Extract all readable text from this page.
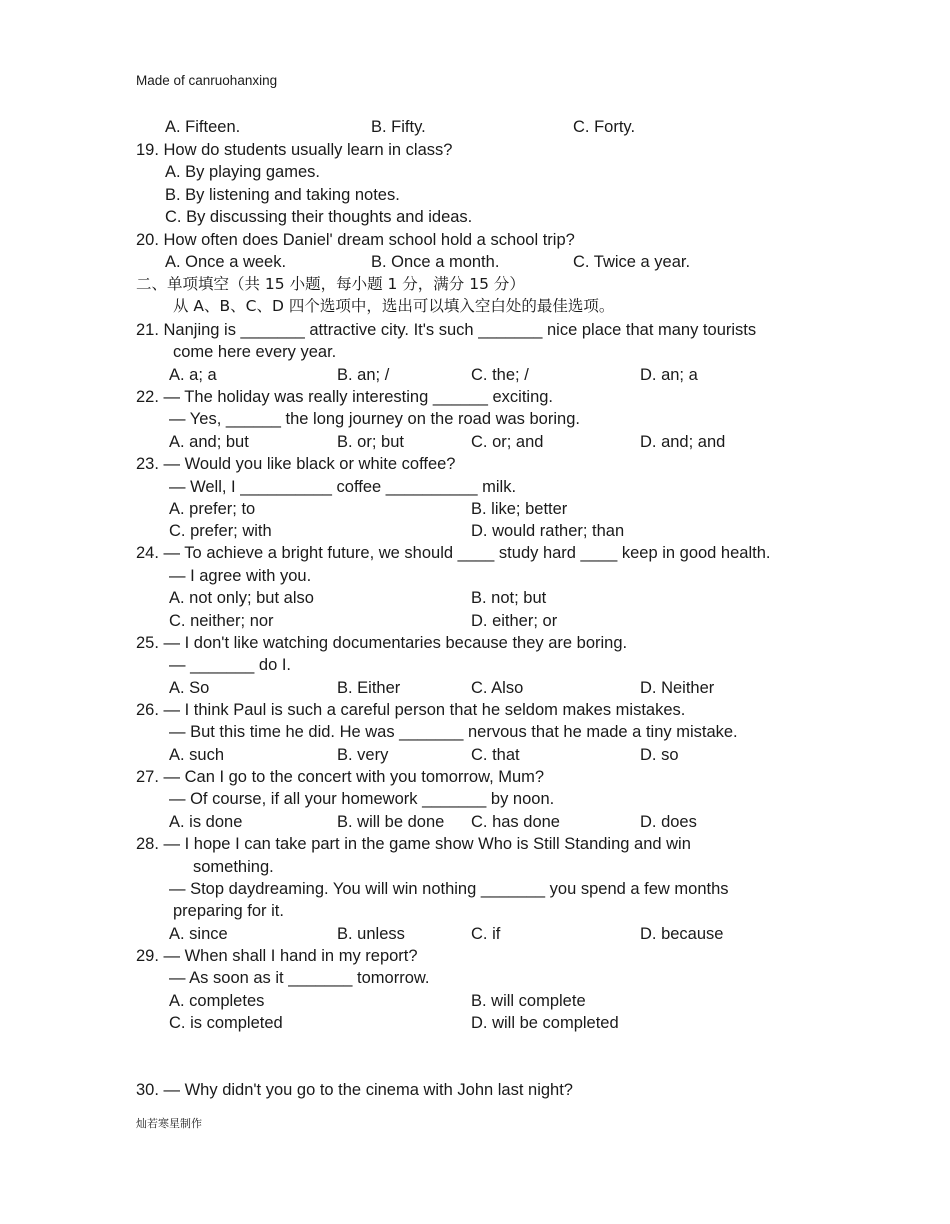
Made of canruohanxing
A. Fifteen.	B. Fifty.	C. Forty.
19. How do students usually learn in class?
A. By playing games.
B. By listening and taking notes.
C. By discussing their thoughts and ideas.
20. How often does Daniel' dream school hold a school trip?
A. Once a week.	B. Once a month.	C. Twice a year.
二、单项填空（共 15 小题，每小题 1 分，满分 15 分）
从 A、B、C、D 四个选项中，选出可以填入空白处的最佳选项。
21. Nanjing is _______ attractive city. It's such _______ nice place that many tourists
come here every year.
A. a; a	B. an; /	C. the; /	D. an; a
22. — The holiday was really interesting ______ exciting.
— Yes, ______ the long journey on the road was boring.
A. and; but	B. or; but	C. or; and	D. and; and
23. — Would you like black or white coffee?
— Well, I __________ coffee __________ milk.
A. prefer; to	B. like; better
C. prefer; with	D. would rather; than
24. — To achieve a bright future, we should ____ study hard ____ keep in good health.
— I agree with you.
A. not only; but also	B. not; but
C. neither; nor	D. either; or
25. — I don't like watching documentaries because they are boring.
— _______ do I.
A. So	B. Either	C. Also	D. Neither
26. — I think Paul is such a careful person that he seldom makes mistakes.
— But this time he did. He was _______ nervous that he made a tiny mistake.
A. such	B. very	C. that	D. so
27. — Can I go to the concert with you tomorrow, Mum?
— Of course, if all your homework _______ by noon.
A. is done	B. will be done C. has done	D. does
28. — I hope I can take part in the game show Who is Still Standing and win
something.
— Stop daydreaming. You will win nothing _______ you spend a few months
preparing for it.
A. since	B. unless	C. if	D. because
29. — When shall I hand in my report?
— As soon as it _______ tomorrow.
A. completes	B. will complete
C. is completed	D. will be completed
30. — Why didn't you go to the cinema with John last night?
灿若寒星制作
